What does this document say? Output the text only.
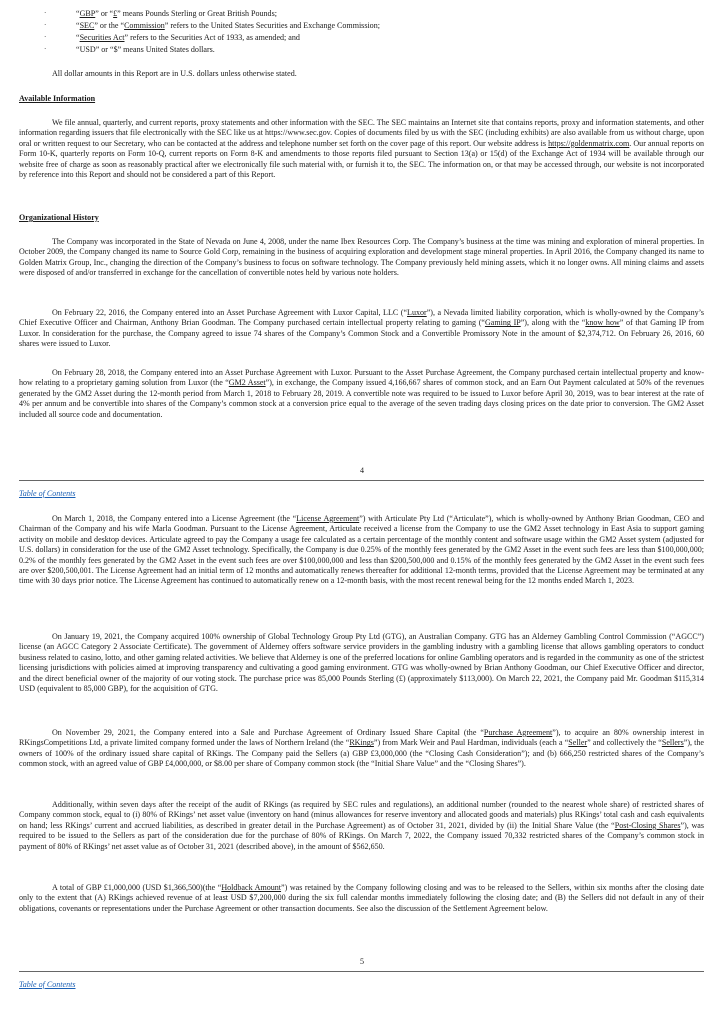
·	“GBP” or “£” means Pounds Sterling or Great British Pounds;
·	“SEC” or the “Commission” refers to the United States Securities and Exchange Commission;
·	“Securities Act” refers to the Securities Act of 1933, as amended; and
·	“USD” or “$” means United States dollars.

All dollar amounts in this Report are in U.S. dollars unless otherwise stated.

Available Information

We file annual, quarterly, and current reports, proxy statements and other information with the SEC. The SEC maintains an Internet site that contains reports, proxy and information statements, and other information regarding issuers that file electronically with the SEC like us at https://www.sec.gov. Copies of documents filed by us with the SEC (including exhibits) are also available from us without charge, upon oral or written request to our Secretary, who can be contacted at the address and telephone number set forth on the cover page of this report. Our website address is https://goldenmatrix.com. Our annual reports on Form 10-K, quarterly reports on Form 10-Q, current reports on Form 8-K and amendments to those reports filed pursuant to Section 13(a) or 15(d) of the Exchange Act of 1934 will be available through our website free of charge as soon as reasonably practical after we electronically file such material with, or furnish it to, the SEC. The information on, or that may be accessed through, our website is not incorporated by reference into this Report and should not be considered a part of this Report.

Organizational History

The Company was incorporated in the State of Nevada on June 4, 2008, under the name Ibex Resources Corp. The Company’s business at the time was mining and exploration of mineral properties. In October 2009, the Company changed its name to Source Gold Corp, remaining in the business of acquiring exploration and development stage mineral properties. In April 2016, the Company changed its name to Golden Matrix Group, Inc., changing the direction of the Company’s business to focus on software technology. The Company previously held mining assets, which it no longer owns. All mining claims and assets were disposed of and/or transferred in exchange for the cancellation of convertible notes held by various note holders.

On February 22, 2016, the Company entered into an Asset Purchase Agreement with Luxor Capital, LLC (“Luxor”), a Nevada limited liability corporation, which is wholly-owned by the Company’s Chief Executive Officer and Chairman, Anthony Brian Goodman. The Company purchased certain intellectual property relating to gaming (“Gaming IP”), along with the “know how” of that Gaming IP from Luxor. In consideration for the purchase, the Company agreed to issue 74 shares of the Company’s Common Stock and a Convertible Promissory Note in the amount of $2,374,712. On February 26, 2016, 60 shares were issued to Luxor.

On February 28, 2018, the Company entered into an Asset Purchase Agreement with Luxor. Pursuant to the Asset Purchase Agreement, the Company purchased certain intellectual property and know-how relating to a proprietary gaming solution from Luxor (the “GM2 Asset”), in exchange, the Company issued 4,166,667 shares of common stock, and an Earn Out Payment calculated at 50% of the revenues generated by the GM2 Asset during the 12-month period from March 1, 2018 to February 28, 2019. A convertible note was required to be issued to Luxor before April 30, 2019, was to bear interest at the rate of 4% per annum and be convertible into shares of the Company’s common stock at a conversion price equal to the average of the seven trading days closing prices on the date prior to conversion. The GM2 Asset included all source code and documentation.

4
Table of Contents

On March 1, 2018, the Company entered into a License Agreement (the “License Agreement”) with Articulate Pty Ltd (“Articulate”), which is wholly-owned by Anthony Brian Goodman, CEO and Chairman of the Company and his wife Marla Goodman. Pursuant to the License Agreement, Articulate received a license from the Company to use the GM2 Asset technology in East Asia to support gaming activity on mobile and desktop devices. Articulate agreed to pay the Company a usage fee calculated as a certain percentage of the monthly content and software usage within the GM2 Asset system (adjusted for U.S. dollars) in consideration for the use of the GM2 Asset technology. Specifically, the Company is due 0.25% of the monthly fees generated by the GM2 Asset in the event such fees are less than $100,000,000; 0.2% of the monthly fees generated by the GM2 Asset in the event such fees are over $100,000,000 and less than $200,500,000 and 0.15% of the monthly fees generated by the GM2 Asset in the event such fees are over $200,500,001. The License Agreement had an initial term of 12 months and automatically renews thereafter for additional 12-month terms, provided that the License Agreement may be terminated at any time with 30 days prior notice. The License Agreement has continued to automatically renew on a 12-month basis, with the most recent renewal being for the 12 months ended March 1, 2023.

On January 19, 2021, the Company acquired 100% ownership of Global Technology Group Pty Ltd (GTG), an Australian Company. GTG has an Alderney Gambling Control Commission (“AGCC”) license (an AGCC Category 2 Associate Certificate). The government of Alderney offers software service providers in the gambling industry with a gambling license that allows gambling operators to conduct business related to casino, lotto, and other gaming related activities. We believe that Alderney is one of the preferred locations for online Gambling operators and is regarded in the community as one of the strictest licensing jurisdictions with policies aimed at improving transparency and cultivating a good gaming environment. GTG was wholly-owned by Brian Anthony Goodman, our Chief Executive Officer and director, and the direct beneficial owner of the majority of our voting stock. The purchase price was 85,000 Pounds Sterling (£) (approximately $113,000). On March 22, 2021, the Company paid Mr. Goodman $115,314 USD (equivalent to 85,000 GBP), for the acquisition of GTG.

On November 29, 2021, the Company entered into a Sale and Purchase Agreement of Ordinary Issued Share Capital (the “Purchase Agreement”), to acquire an 80% ownership interest in RKingsCompetitions Ltd, a private limited company formed under the laws of Northern Ireland (the “RKings”) from Mark Weir and Paul Hardman, individuals (each a “Seller” and collectively the “Sellers”), the owners of 100% of the ordinary issued share capital of RKings. The Company paid the Sellers (a) GBP £3,000,000 (the “Closing Cash Consideration”); and (b) 666,250 restricted shares of the Company’s common stock, with an agreed value of GBP £4,000,000, or $8.00 per share of Company common stock (the “Initial Share Value” and the “Closing Shares”).

Additionally, within seven days after the receipt of the audit of RKings (as required by SEC rules and regulations), an additional number (rounded to the nearest whole share) of restricted shares of Company common stock, equal to (i) 80% of RKings’ net asset value (inventory on hand (minus allowances for reserve inventory and allocated goods and materials) plus RKings’ total cash and cash equivalents on hand; less RKings’ current and accrued liabilities, as described in greater detail in the Purchase Agreement) as of October 31, 2021, divided by (ii) the Initial Share Value (the “Post-Closing Shares”), was required to be issued to the Sellers as part of the consideration due for the purchase of 80% of RKings. On March 7, 2022, the Company issued 70,332 restricted shares of the Company’s common stock in payment of 80% of RKings’ net asset value as of October 31, 2021 (described above), in the amount of $562,650.

A total of GBP £1,000,000 (USD $1,366,500)(the “Holdback Amount”) was retained by the Company following closing and was to be released to the Sellers, within six months after the closing date only to the extent that (A) RKings achieved revenue of at least USD $7,200,000 during the six full calendar months immediately following the closing date; and (B) the Sellers did not default in any of their obligations, covenants or representations under the Purchase Agreement or other transaction documents. See also the discussion of the Settlement Agreement below.

5
Table of Contents
